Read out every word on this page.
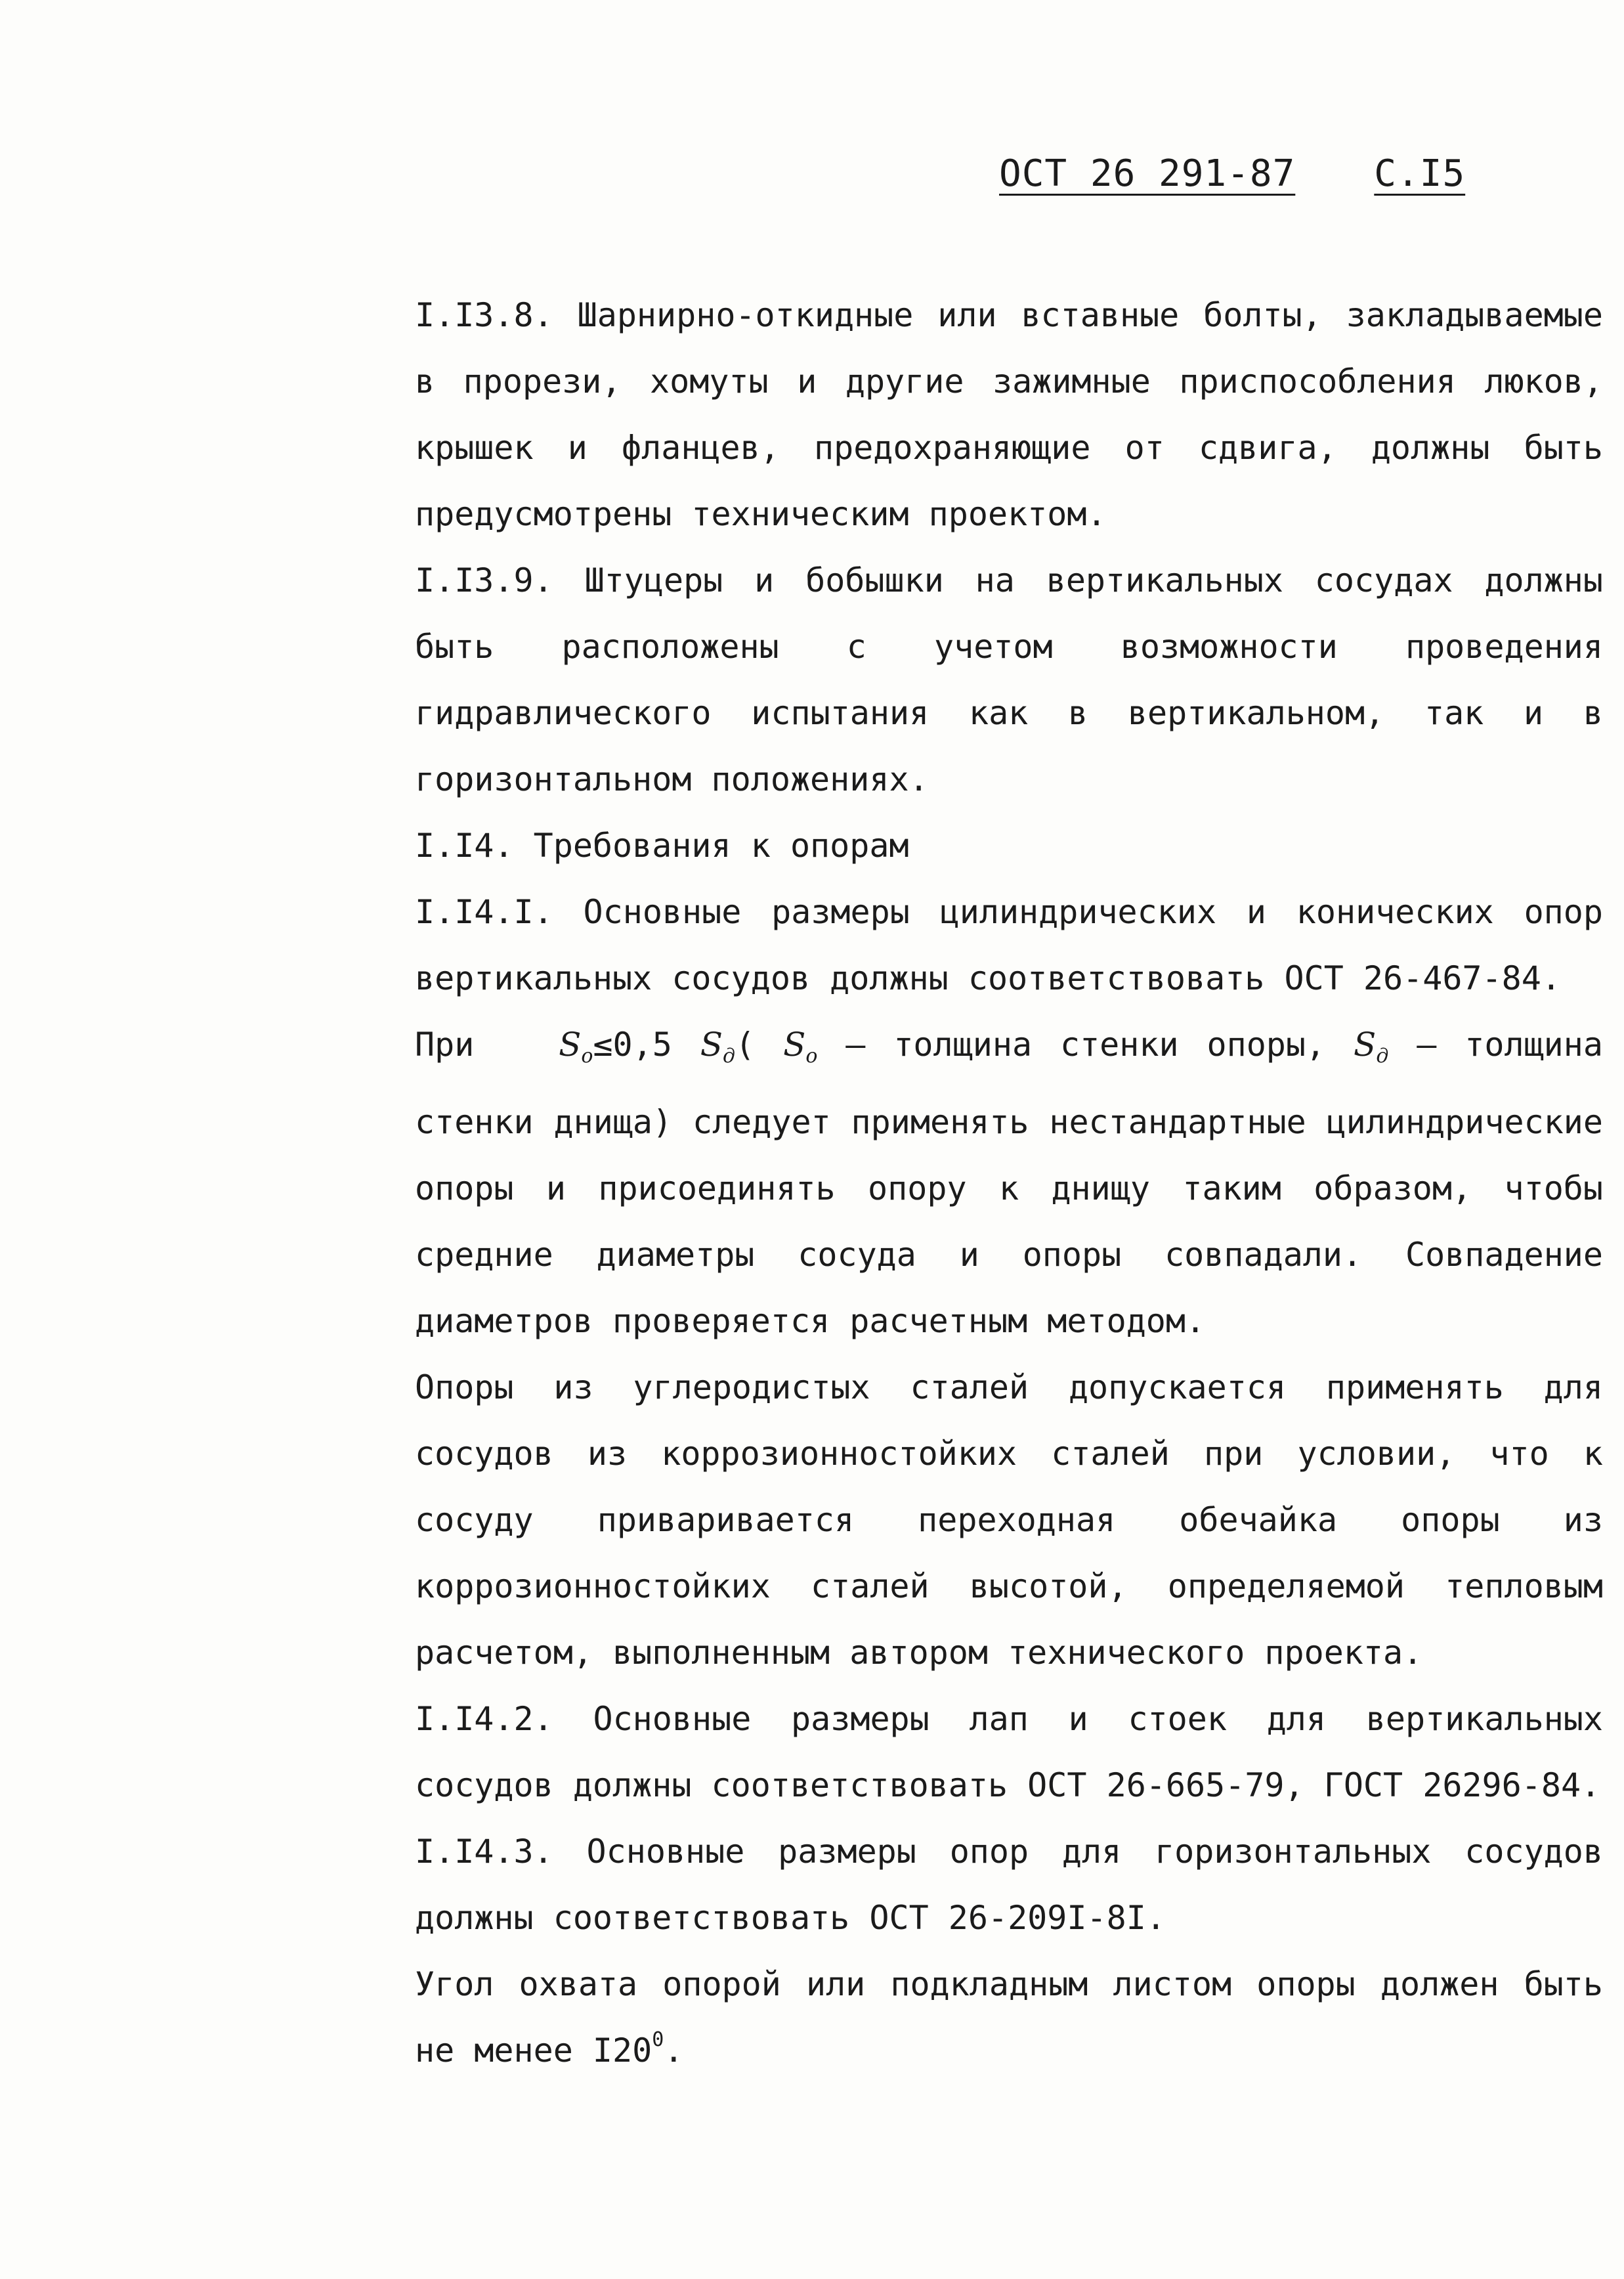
ОСТ 26 291-87 С.I5

I.I3.8. Шарнирно-откидные или вставные болты, закладываемые в прорези, хомуты и другие зажимные приспособления люков, крышек и фланцев, предохраняющие от сдвига, должны быть предусмотрены техническим проектом.

I.I3.9. Штуцеры и бобышки на вертикальных сосудах должны быть расположены с учетом возможности проведения гидравлического испытания как в вертикальном, так и в горизонтальном положениях.

I.I4. Требования к опорам

I.I4.I. Основные размеры цилиндрических и конических опор вертикальных сосудов должны соответствовать ОСТ 26-467-84.

При	$S_o\le 0,5$ $S_д$( $S_o$ – толщина стенки опоры, $S_д$ – толщина стенки днища) следует применять нестандартные цилиндрические опоры и присоединять опору к днищу таким образом, чтобы средние диаметры сосуда и опоры совпадали. Совпадение диаметров проверяется расчетным методом.

Опоры из углеродистых сталей допускается применять для сосудов из коррозионностойких сталей при условии, что к сосуду приваривается переходная обечайка опоры из коррозионностойких сталей высотой, определяемой тепловым расчетом, выполненным автором технического проекта.

I.I4.2. Основные размеры лап и стоек для вертикальных сосудов должны соответствовать ОСТ 26-665-79, ГОСТ 26296-84.

I.I4.3. Основные размеры опор для горизонтальных сосудов должны соответствовать ОСТ 26-209I-8I.

Угол охвата опорой или подкладным листом опоры должен быть не менее $I20^0$.
